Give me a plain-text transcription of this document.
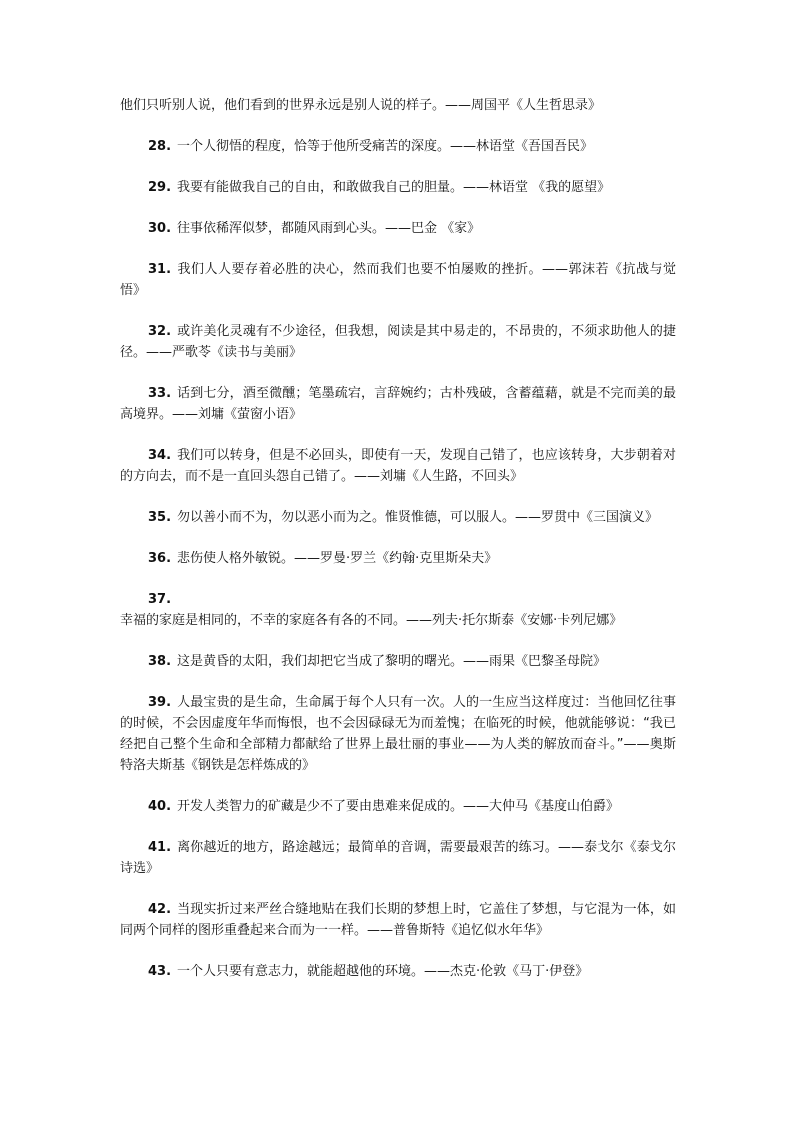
他们只听别人说，他们看到的世界永远是别人说的样子。——周国平《人生哲思录》

28. 一个人彻悟的程度，恰等于他所受痛苦的深度。——林语堂《吾国吾民》

29. 我要有能做我自己的自由，和敢做我自己的胆量。——林语堂 《我的愿望》

30. 往事依稀浑似梦，都随风雨到心头。——巴金 《家》

31. 我们人人要存着必胜的决心，然而我们也要不怕屡败的挫折。——郭沫若《抗战与觉悟》

32. 或许美化灵魂有不少途径，但我想，阅读是其中易走的，不昂贵的，不须求助他人的捷径。——严歌苓《读书与美丽》

33. 话到七分，酒至微醺；笔墨疏宕，言辞婉约；古朴残破，含蓄蕴藉，就是不完而美的最高境界。——刘墉《萤窗小语》

34. 我们可以转身，但是不必回头，即使有一天，发现自己错了，也应该转身，大步朝着对的方向去，而不是一直回头怨自己错了。——刘墉《人生路，不回头》

35. 勿以善小而不为，勿以恶小而为之。惟贤惟德，可以服人。——罗贯中《三国演义》

36. 悲伤使人格外敏锐。——罗曼·罗兰《约翰·克里斯朵夫》

37.幸福的家庭是相同的，不幸的家庭各有各的不同。——列夫·托尔斯泰《安娜·卡列尼娜》

38. 这是黄昏的太阳，我们却把它当成了黎明的曙光。——雨果《巴黎圣母院》

39. 人最宝贵的是生命，生命属于每个人只有一次。人的一生应当这样度过：当他回忆往事的时候，不会因虚度年华而悔恨，也不会因碌碌无为而羞愧；在临死的时候，他就能够说：“我已经把自己整个生命和全部精力都献给了世界上最壮丽的事业——为人类的解放而奋斗。”——奥斯特洛夫斯基《钢铁是怎样炼成的》

40. 开发人类智力的矿藏是少不了要由患难来促成的。——大仲马《基度山伯爵》

41. 离你越近的地方，路途越远；最简单的音调，需要最艰苦的练习。——泰戈尔《泰戈尔诗选》

42. 当现实折过来严丝合缝地贴在我们长期的梦想上时，它盖住了梦想，与它混为一体，如同两个同样的图形重叠起来合而为一一样。——普鲁斯特《追忆似水年华》

43. 一个人只要有意志力，就能超越他的环境。——杰克·伦敦《马丁·伊登》
